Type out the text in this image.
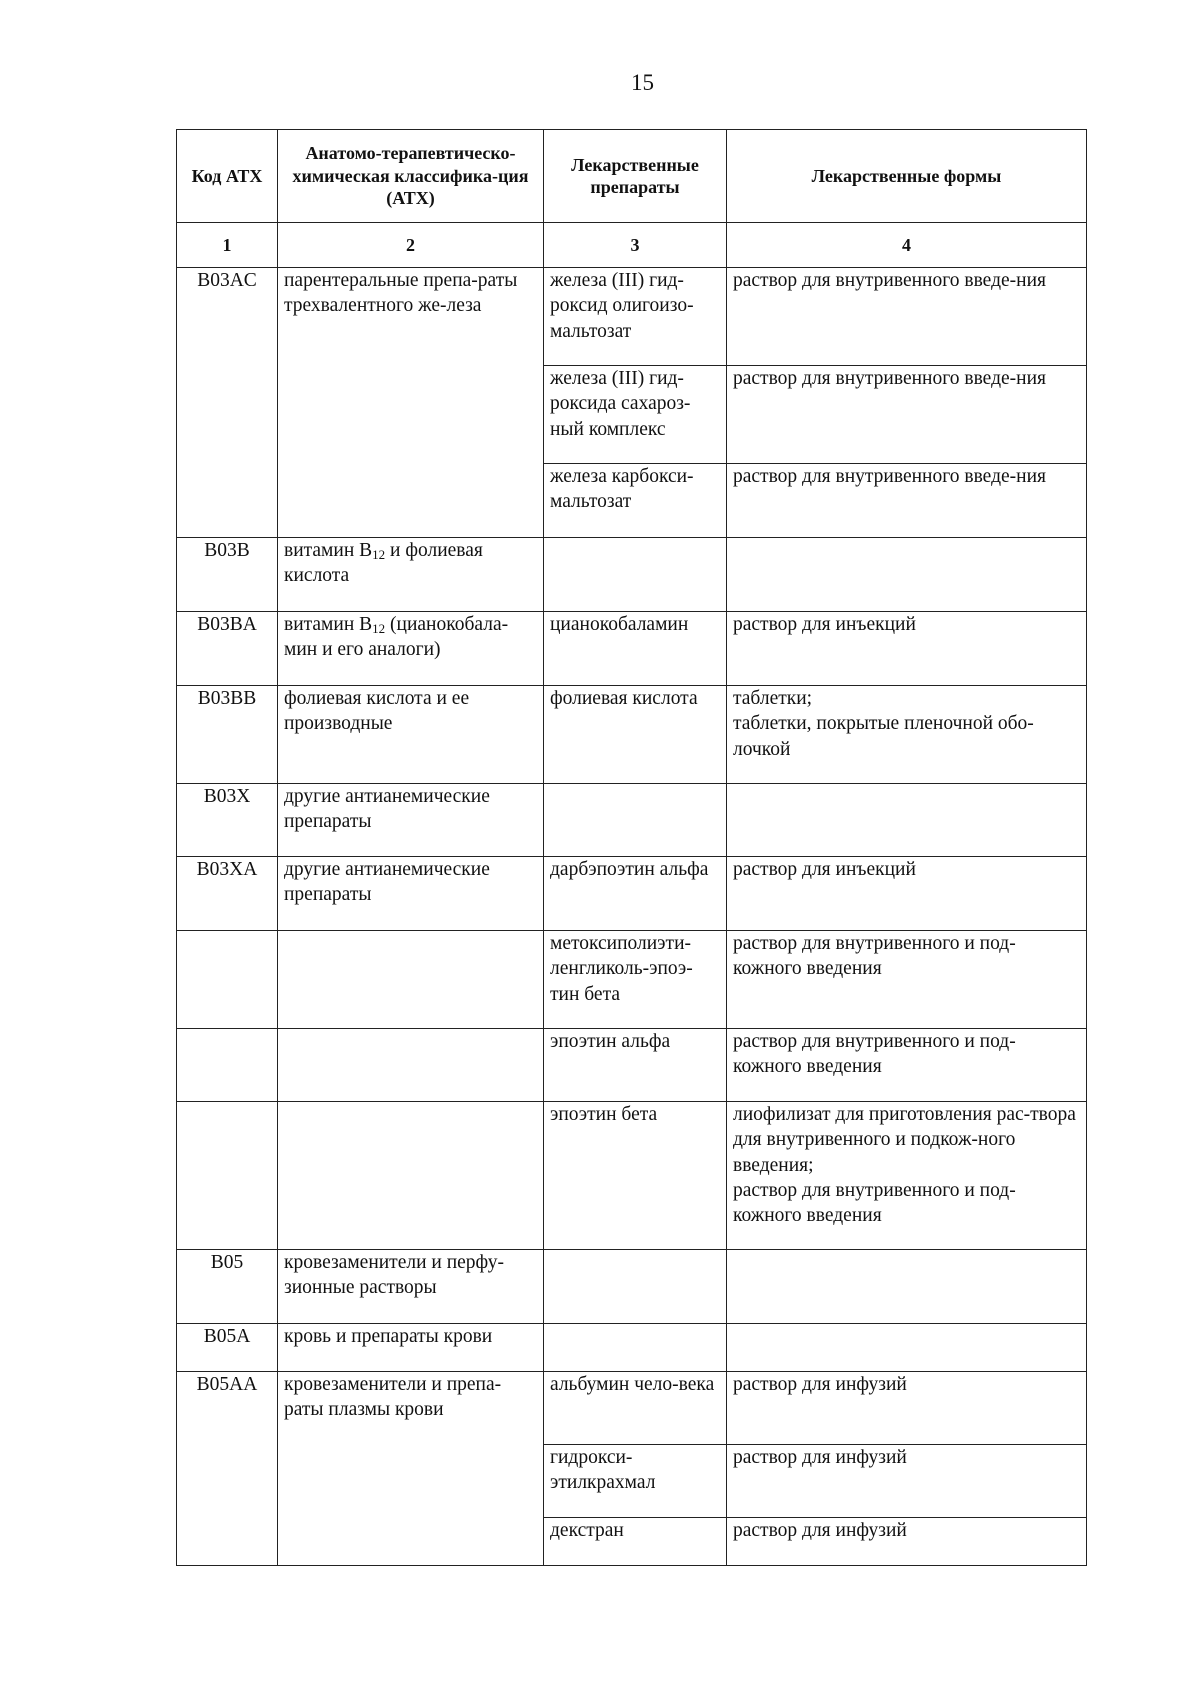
15
Код АТХ	Анатомо-терапевтическо-химическая классифика-ция (АТХ)	Лекарственные препараты	Лекарственные формы
1	2	3	4
B03AC	парентеральные препа-раты трехвалентного же-леза	железа (III) гид-роксид олигоизо-мальтозат	раствор для внутривенного введе-ния

		железа (III) гид-роксида сахароз-ный комплекс	раствор для внутривенного введе-ния

		железа карбокси-мальтозат	раствор для внутривенного введе-ния

B03B	витамин $B_{12}$ и фолиевая кислота		
B03BA	витамин $B_{12}$ (цианокобала-мин и его аналоги)	цианокобаламин	раствор для инъекций

B03BB	фолиевая кислота и ее производные	фолиевая кислота	таблетки;
таблетки, покрытые пленочной обо-лочкой

B03X	другие антианемические препараты		
B03XA	другие антианемические препараты	дарбэпоэтин альфа	раствор для инъекций

		метоксиполиэти-ленгликоль-эпоэ-тин бета	раствор для внутривенного и под-кожного введения

		эпоэтин альфа	раствор для внутривенного и под-кожного введения

		эпоэтин бета	лиофилизат для приготовления рас-твора для внутривенного и подкож-ного введения;
раствор для внутривенного и под-кожного введения

B05	кровезаменители и перфу-зионные растворы		
B05A	кровь и препараты крови		
B05AA	кровезаменители и препа-раты плазмы крови	альбумин чело-века	раствор для инфузий

		гидрокси-этилкрахмал	раствор для инфузий

		декстран	раствор для инфузий
